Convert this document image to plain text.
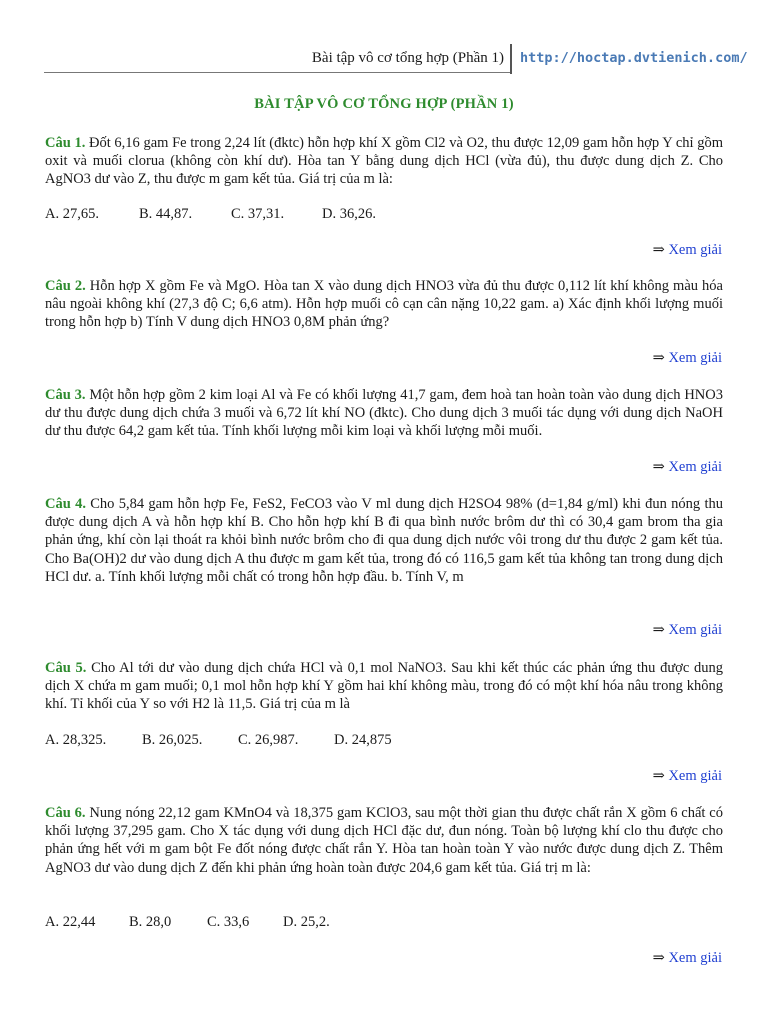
Bài tập vô cơ tổng hợp (Phần 1) http://hoctap.dvtienich.com/
BÀI TẬP VÔ CƠ TỔNG HỢP (PHẦN 1)
Câu 1. Đốt 6,16 gam Fe trong 2,24 lít (đktc) hỗn hợp khí X gồm Cl2 và O2, thu được 12,09 gam hỗn hợp Y chỉ gồm oxit và muối clorua (không còn khí dư). Hòa tan Y bằng dung dịch HCl (vừa đủ), thu được dung dịch Z. Cho AgNO3 dư vào Z, thu được m gam kết tủa. Giá trị của m là:
A. 27,65.	B. 44,87.	C. 37,31.	D. 36,26.
⇒ Xem giải
Câu 2. Hỗn hợp X gồm Fe và MgO. Hòa tan X vào dung dịch HNO3 vừa đủ thu được 0,112 lít khí không màu hóa nâu ngoài không khí (27,3 độ C; 6,6 atm). Hỗn hợp muối cô cạn cân nặng 10,22 gam. a) Xác định khối lượng muối trong hỗn hợp b) Tính V dung dịch HNO3 0,8M phản ứng?
⇒ Xem giải
Câu 3. Một hỗn hợp gồm 2 kim loại Al và Fe có khối lượng 41,7 gam, đem hoà tan hoàn toàn vào dung dịch HNO3 dư thu được dung dịch chứa 3 muối và 6,72 lít khí NO (đktc). Cho dung dịch 3 muối tác dụng với dung dịch NaOH dư thu được 64,2 gam kết tủa. Tính khối lượng mỗi kim loại và khối lượng mỗi muối.
⇒ Xem giải
Câu 4. Cho 5,84 gam hỗn hợp Fe, FeS2, FeCO3 vào V ml dung dịch H2SO4 98% (d=1,84 g/ml) khi đun nóng thu được dung dịch A và hỗn hợp khí B. Cho hỗn hợp khí B đi qua bình nước brôm dư thì có 30,4 gam brom tha gia phản ứng, khí còn lại thoát ra khỏi bình nước brôm cho đi qua dung dịch nước vôi trong dư thu được 2 gam kết tủa. Cho Ba(OH)2 dư vào dung dịch A thu được m gam kết tủa, trong đó có 116,5 gam kết tủa không tan trong dung dịch HCl dư. a. Tính khối lượng mỗi chất có trong hỗn hợp đầu. b. Tính V, m
⇒ Xem giải
Câu 5. Cho Al tới dư vào dung dịch chứa HCl và 0,1 mol NaNO3. Sau khi kết thúc các phản ứng thu được dung dịch X chứa m gam muối; 0,1 mol hỗn hợp khí Y gồm hai khí không màu, trong đó có một khí hóa nâu trong không khí. Tỉ khối của Y so với H2 là 11,5. Giá trị của m là
A. 28,325. B. 26,025. C. 26,987. D. 24,875
⇒ Xem giải
Câu 6. Nung nóng 22,12 gam KMnO4 và 18,375 gam KClO3, sau một thời gian thu được chất rắn X gồm 6 chất có khối lượng 37,295 gam. Cho X tác dụng với dung dịch HCl đặc dư, đun nóng. Toàn bộ lượng khí clo thu được cho phản ứng hết với m gam bột Fe đốt nóng được chất rắn Y. Hòa tan hoàn toàn Y vào nước được dung dịch Z. Thêm AgNO3 dư vào dung dịch Z đến khi phản ứng hoàn toàn được 204,6 gam kết tủa. Giá trị m là:
A. 22,44 B. 28,0 C. 33,6 D. 25,2.
⇒ Xem giải
